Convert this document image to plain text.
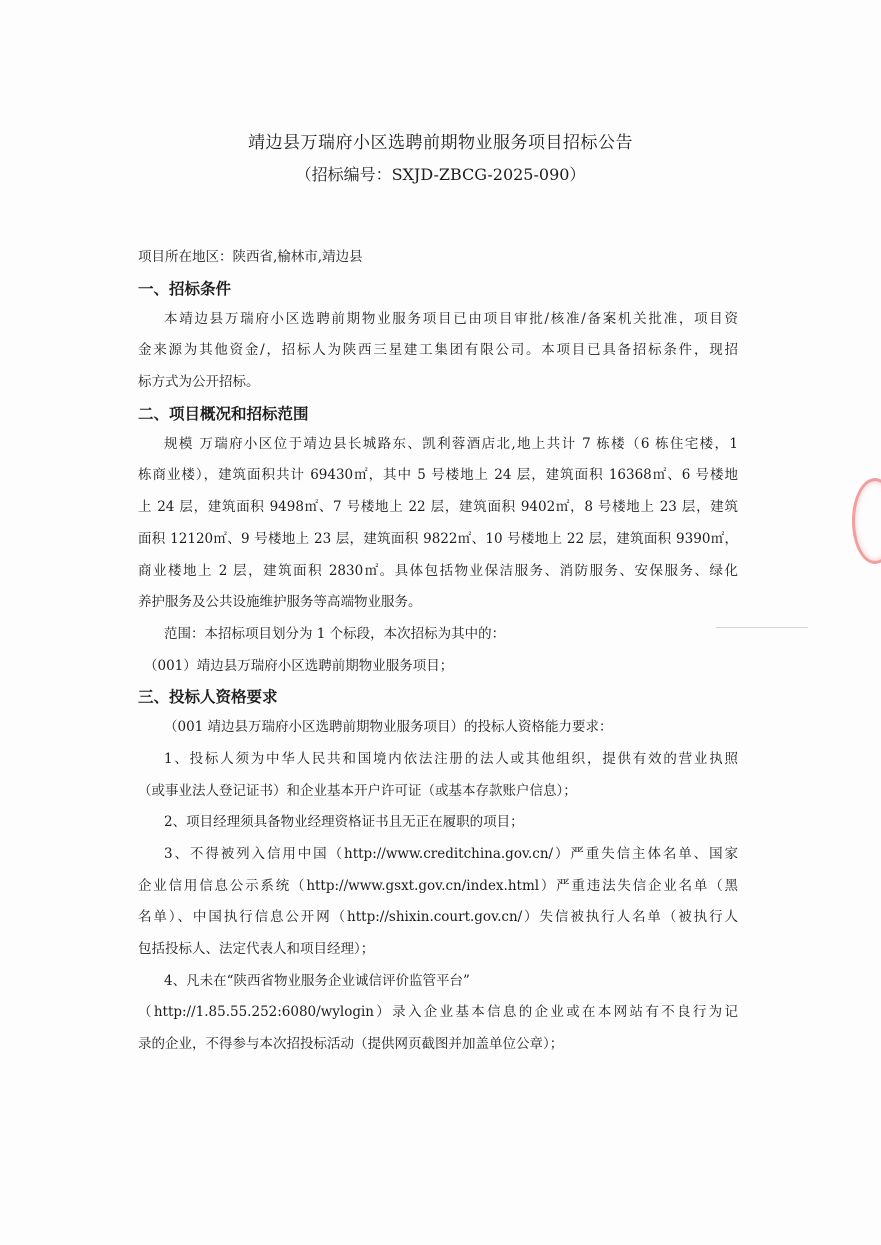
靖边县万瑞府小区选聘前期物业服务项目招标公告
（招标编号：SXJD-ZBCG-2025-090）
项目所在地区：陕西省,榆林市,靖边县
一、招标条件
本靖边县万瑞府小区选聘前期物业服务项目已由项目审批/核准/备案机关批准，项目资
金来源为其他资金/，招标人为陕西三星建工集团有限公司。本项目已具备招标条件，现招
标方式为公开招标。
二、项目概况和招标范围
规模 万瑞府小区位于靖边县长城路东、凯利蓉酒店北,地上共计 7 栋楼（6 栋住宅楼，1
栋商业楼），建筑面积共计 69430㎡，其中 5 号楼地上 24 层，建筑面积 16368㎡、6 号楼地
上 24 层，建筑面积 9498㎡、7 号楼地上 22 层，建筑面积 9402㎡，8 号楼地上 23 层，建筑
面积 12120㎡、9 号楼地上 23 层，建筑面积 9822㎡、10 号楼地上 22 层，建筑面积 9390㎡，
商业楼地上 2 层，建筑面积 2830㎡。具体包括物业保洁服务、消防服务、安保服务、绿化
养护服务及公共设施维护服务等高端物业服务。
范围：本招标项目划分为 1 个标段，本次招标为其中的：
（001）靖边县万瑞府小区选聘前期物业服务项目；
三、投标人资格要求
（001 靖边县万瑞府小区选聘前期物业服务项目）的投标人资格能力要求：
1、投标人须为中华人民共和国境内依法注册的法人或其他组织，提供有效的营业执照
（或事业法人登记证书）和企业基本开户许可证（或基本存款账户信息）；
2、项目经理须具备物业经理资格证书且无正在履职的项目；
3、不得被列入信用中国（http://www.creditchina.gov.cn/）严重失信主体名单、国家
企业信用信息公示系统（http://www.gsxt.gov.cn/index.html）严重违法失信企业名单（黑
名单）、中国执行信息公开网（http://shixin.court.gov.cn/）失信被执行人名单（被执行人
包括投标人、法定代表人和项目经理）；
4、凡未在“陕西省物业服务企业诚信评价监管平台”
（http://1.85.55.252:6080/wylogin）录入企业基本信息的企业或在本网站有不良行为记
录的企业，不得参与本次招投标活动（提供网页截图并加盖单位公章）；
